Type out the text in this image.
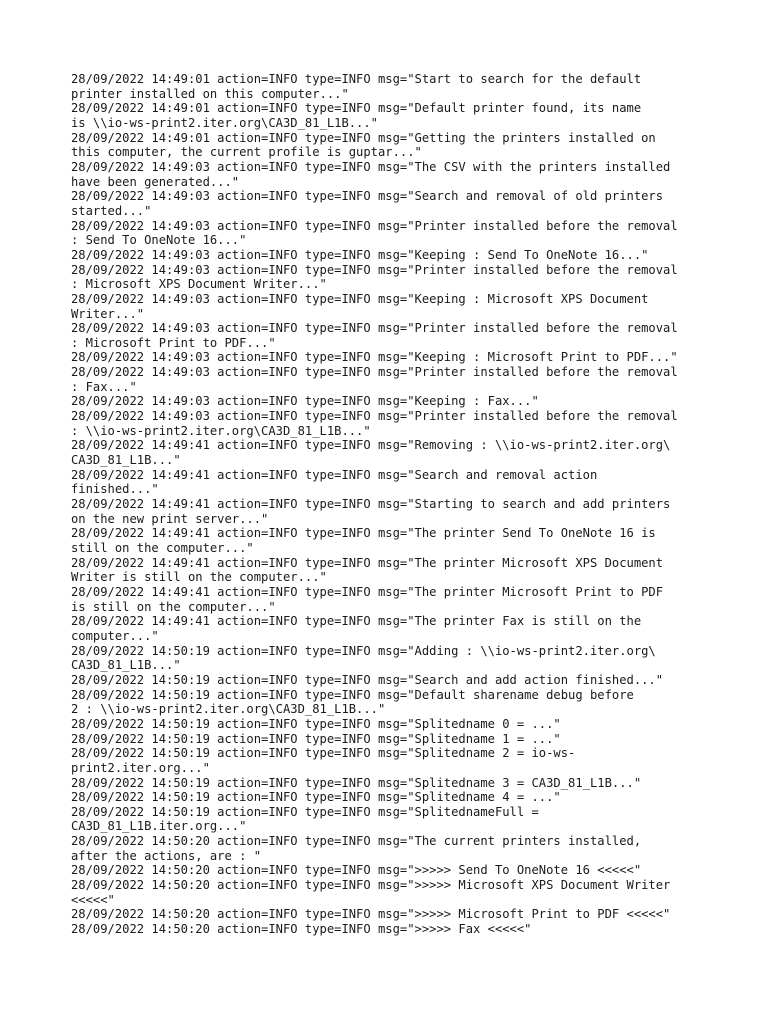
28/09/2022 14:49:01 action=INFO type=INFO msg="Start to search for the default
printer installed on this computer..."
28/09/2022 14:49:01 action=INFO type=INFO msg="Default printer found, its name
is \\io-ws-print2.iter.org\CA3D_81_L1B..."
28/09/2022 14:49:01 action=INFO type=INFO msg="Getting the printers installed on
this computer, the current profile is guptar..."
28/09/2022 14:49:03 action=INFO type=INFO msg="The CSV with the printers installed
have been generated..."
28/09/2022 14:49:03 action=INFO type=INFO msg="Search and removal of old printers
started..."
28/09/2022 14:49:03 action=INFO type=INFO msg="Printer installed before the removal
: Send To OneNote 16..."
28/09/2022 14:49:03 action=INFO type=INFO msg="Keeping : Send To OneNote 16..."
28/09/2022 14:49:03 action=INFO type=INFO msg="Printer installed before the removal
: Microsoft XPS Document Writer..."
28/09/2022 14:49:03 action=INFO type=INFO msg="Keeping : Microsoft XPS Document
Writer..."
28/09/2022 14:49:03 action=INFO type=INFO msg="Printer installed before the removal
: Microsoft Print to PDF..."
28/09/2022 14:49:03 action=INFO type=INFO msg="Keeping : Microsoft Print to PDF..."
28/09/2022 14:49:03 action=INFO type=INFO msg="Printer installed before the removal
: Fax..."
28/09/2022 14:49:03 action=INFO type=INFO msg="Keeping : Fax..."
28/09/2022 14:49:03 action=INFO type=INFO msg="Printer installed before the removal
: \\io-ws-print2.iter.org\CA3D_81_L1B..."
28/09/2022 14:49:41 action=INFO type=INFO msg="Removing : \\io-ws-print2.iter.org\
CA3D_81_L1B..."
28/09/2022 14:49:41 action=INFO type=INFO msg="Search and removal action
finished..."
28/09/2022 14:49:41 action=INFO type=INFO msg="Starting to search and add printers
on the new print server..."
28/09/2022 14:49:41 action=INFO type=INFO msg="The printer Send To OneNote 16 is
still on the computer..."
28/09/2022 14:49:41 action=INFO type=INFO msg="The printer Microsoft XPS Document
Writer is still on the computer..."
28/09/2022 14:49:41 action=INFO type=INFO msg="The printer Microsoft Print to PDF
is still on the computer..."
28/09/2022 14:49:41 action=INFO type=INFO msg="The printer Fax is still on the
computer..."
28/09/2022 14:50:19 action=INFO type=INFO msg="Adding : \\io-ws-print2.iter.org\
CA3D_81_L1B..."
28/09/2022 14:50:19 action=INFO type=INFO msg="Search and add action finished..."
28/09/2022 14:50:19 action=INFO type=INFO msg="Default sharename debug before
2 : \\io-ws-print2.iter.org\CA3D_81_L1B..."
28/09/2022 14:50:19 action=INFO type=INFO msg="Splitedname 0 = ..."
28/09/2022 14:50:19 action=INFO type=INFO msg="Splitedname 1 = ..."
28/09/2022 14:50:19 action=INFO type=INFO msg="Splitedname 2 = io-ws-
print2.iter.org..."
28/09/2022 14:50:19 action=INFO type=INFO msg="Splitedname 3 = CA3D_81_L1B..."
28/09/2022 14:50:19 action=INFO type=INFO msg="Splitedname 4 = ..."
28/09/2022 14:50:19 action=INFO type=INFO msg="SplitednameFull =
CA3D_81_L1B.iter.org..."
28/09/2022 14:50:20 action=INFO type=INFO msg="The current printers installed,
after the actions, are : "
28/09/2022 14:50:20 action=INFO type=INFO msg=">>>>> Send To OneNote 16 <<<<<"
28/09/2022 14:50:20 action=INFO type=INFO msg=">>>>> Microsoft XPS Document Writer
<<<<<"
28/09/2022 14:50:20 action=INFO type=INFO msg=">>>>> Microsoft Print to PDF <<<<<"
28/09/2022 14:50:20 action=INFO type=INFO msg=">>>>> Fax <<<<<"
